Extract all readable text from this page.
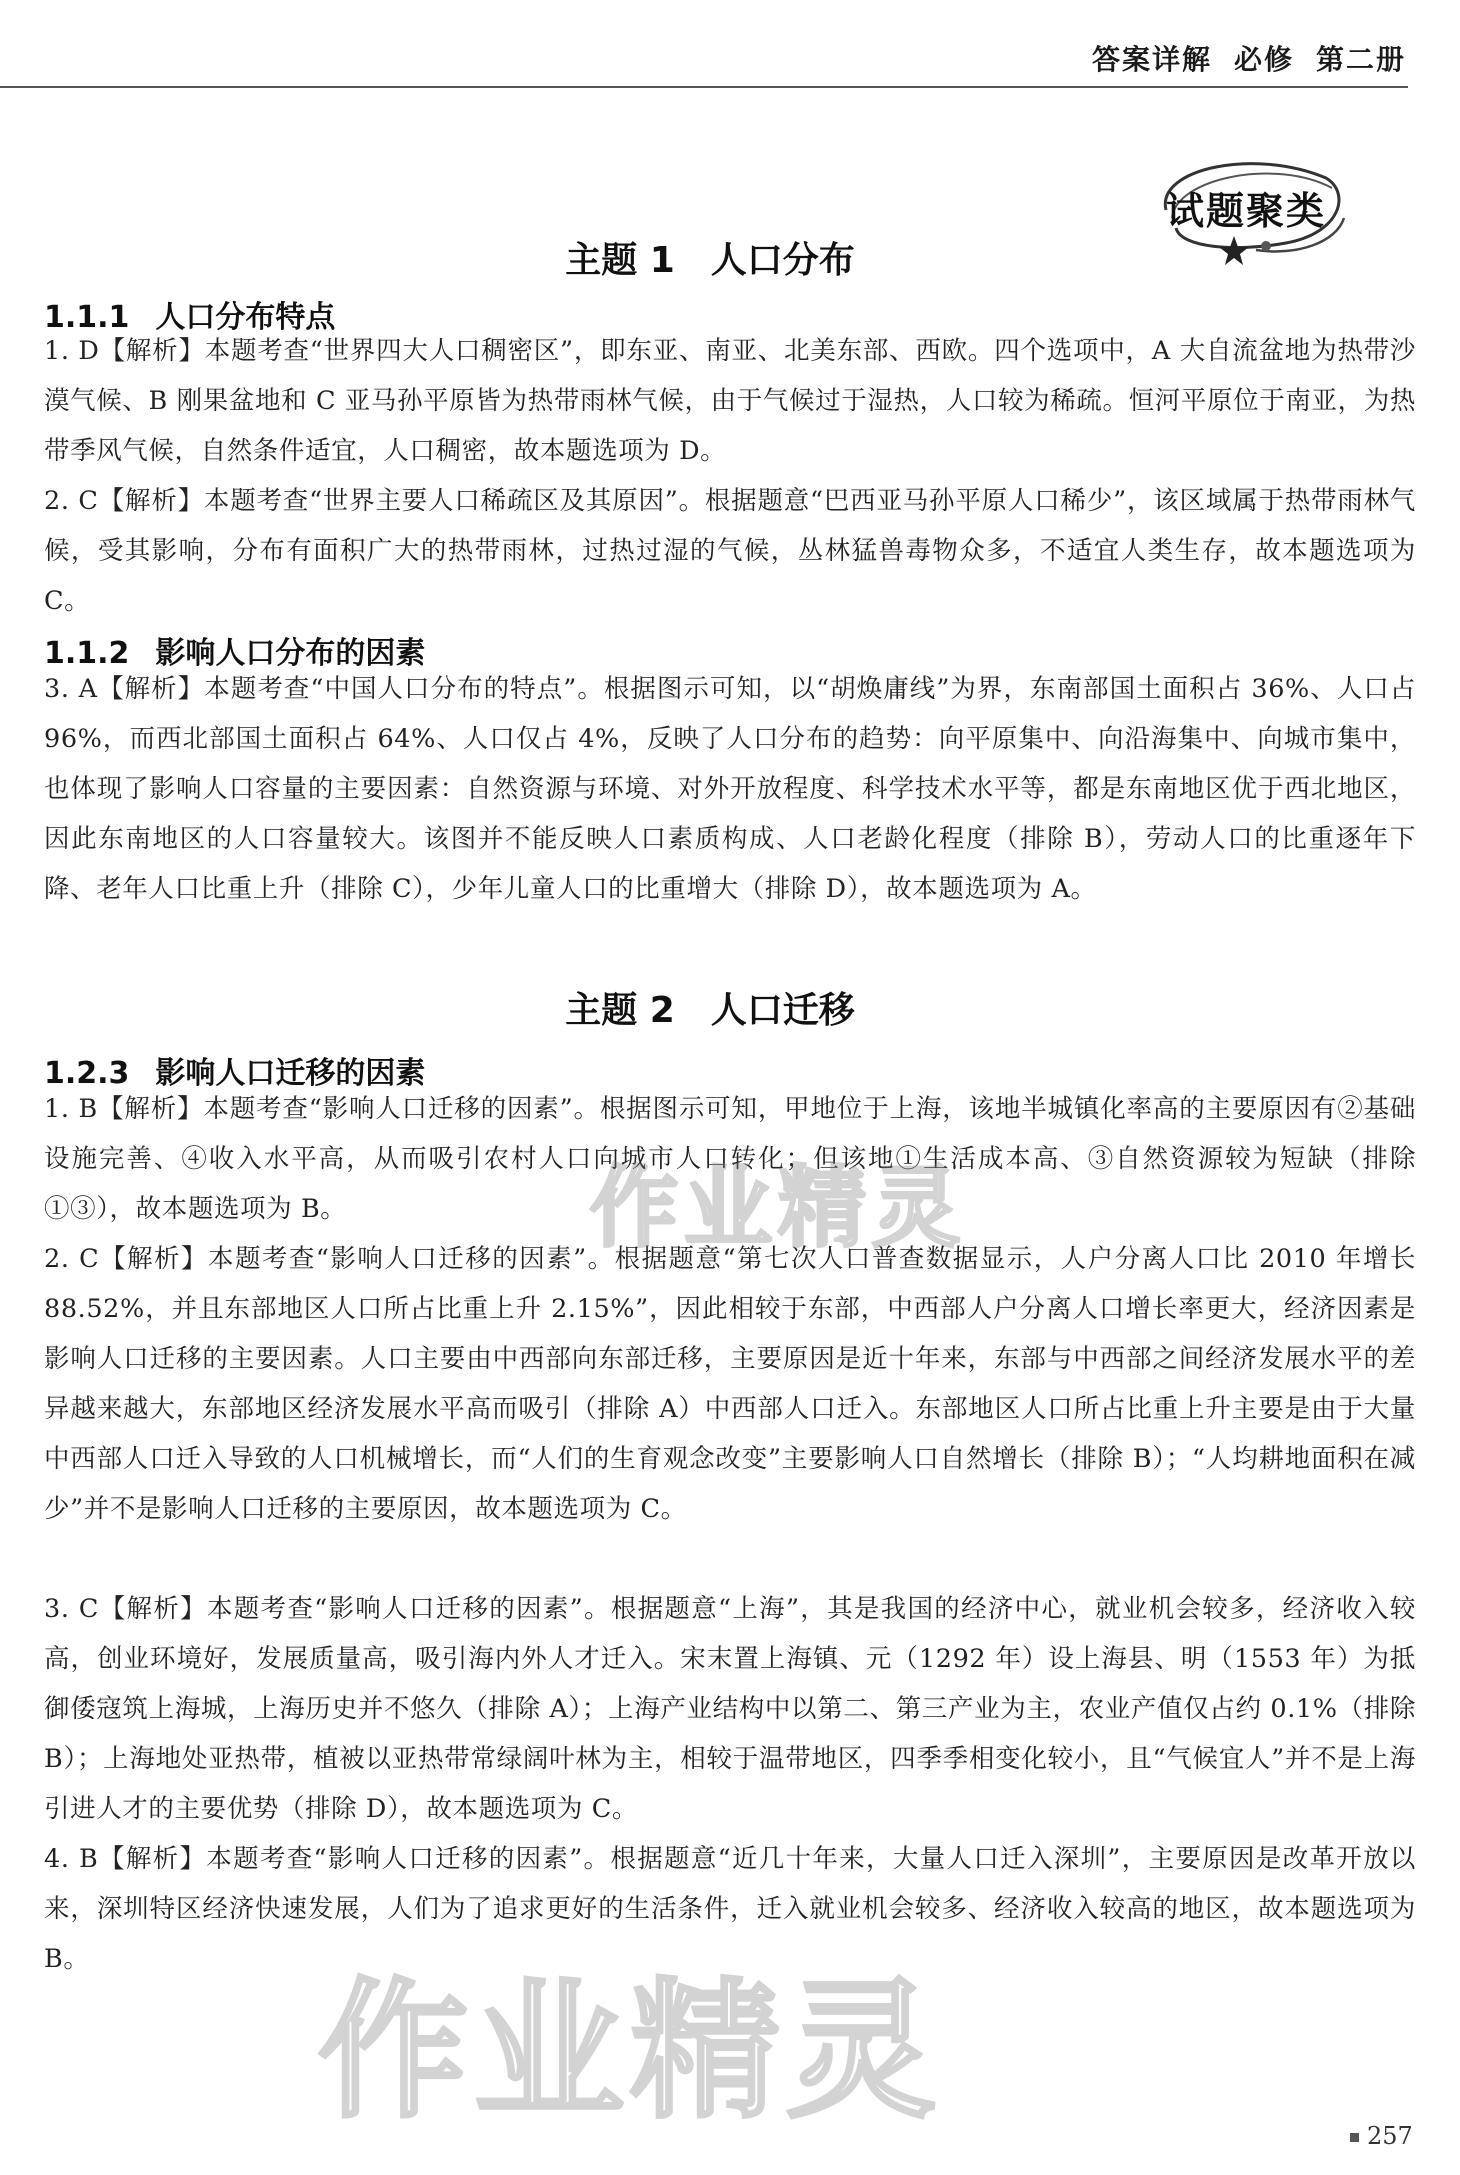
答案详解 必修 第二册
试题聚类
主题 1　人口分布
1.1.1 人口分布特点

1. D【解析】本题考查“世界四大人口稠密区”，即东亚、南亚、北美东部、西欧。四个选项中，A 大自流盆地为热带沙漠气候、B 刚果盆地和 C 亚马孙平原皆为热带雨林气候，由于气候过于湿热，人口较为稀疏。恒河平原位于南亚，为热带季风气候，自然条件适宜，人口稠密，故本题选项为 D。

2. C【解析】本题考查“世界主要人口稀疏区及其原因”。根据题意“巴西亚马孙平原人口稀少”，该区域属于热带雨林气候，受其影响，分布有面积广大的热带雨林，过热过湿的气候，丛林猛兽毒物众多，不适宜人类生存，故本题选项为 C。

1.1.2 影响人口分布的因素

3. A【解析】本题考查“中国人口分布的特点”。根据图示可知，以“胡焕庸线”为界，东南部国土面积占 36%、人口占 96%，而西北部国土面积占 64%、人口仅占 4%，反映了人口分布的趋势：向平原集中、向沿海集中、向城市集中，也体现了影响人口容量的主要因素：自然资源与环境、对外开放程度、科学技术水平等，都是东南地区优于西北地区，因此东南地区的人口容量较大。该图并不能反映人口素质构成、人口老龄化程度（排除 B），劳动人口的比重逐年下降、老年人口比重上升（排除 C），少年儿童人口的比重增大（排除 D），故本题选项为 A。

主题 2　人口迁移
1.2.3 影响人口迁移的因素

1. B【解析】本题考查“影响人口迁移的因素”。根据图示可知，甲地位于上海，该地半城镇化率高的主要原因有②基础设施完善、④收入水平高，从而吸引农村人口向城市人口转化；但该地①生活成本高、③自然资源较为短缺（排除①③），故本题选项为 B。

2. C【解析】本题考查“影响人口迁移的因素”。根据题意“第七次人口普查数据显示，人户分离人口比 2010 年增长 88.52%，并且东部地区人口所占比重上升 2.15%”，因此相较于东部，中西部人户分离人口增长率更大，经济因素是影响人口迁移的主要因素。人口主要由中西部向东部迁移，主要原因是近十年来，东部与中西部之间经济发展水平的差异越来越大，东部地区经济发展水平高而吸引（排除 A）中西部人口迁入。东部地区人口所占比重上升主要是由于大量中西部人口迁入导致的人口机械增长，而“人们的生育观念改变”主要影响人口自然增长（排除 B）；“人均耕地面积在减少”并不是影响人口迁移的主要原因，故本题选项为 C。

3. C【解析】本题考查“影响人口迁移的因素”。根据题意“上海”，其是我国的经济中心，就业机会较多，经济收入较高，创业环境好，发展质量高，吸引海内外人才迁入。宋末置上海镇、元（1292 年）设上海县、明（1553 年）为抵御倭寇筑上海城，上海历史并不悠久（排除 A）；上海产业结构中以第二、第三产业为主，农业产值仅占约 0.1%（排除 B）；上海地处亚热带，植被以亚热带常绿阔叶林为主，相较于温带地区，四季季相变化较小，且“气候宜人”并不是上海引进人才的主要优势（排除 D），故本题选项为 C。

4. B【解析】本题考查“影响人口迁移的因素”。根据题意“近几十年来，大量人口迁入深圳”，主要原因是改革开放以来，深圳特区经济快速发展，人们为了追求更好的生活条件，迁入就业机会较多、经济收入较高的地区，故本题选项为 B。

作业精灵
作业精灵	257
